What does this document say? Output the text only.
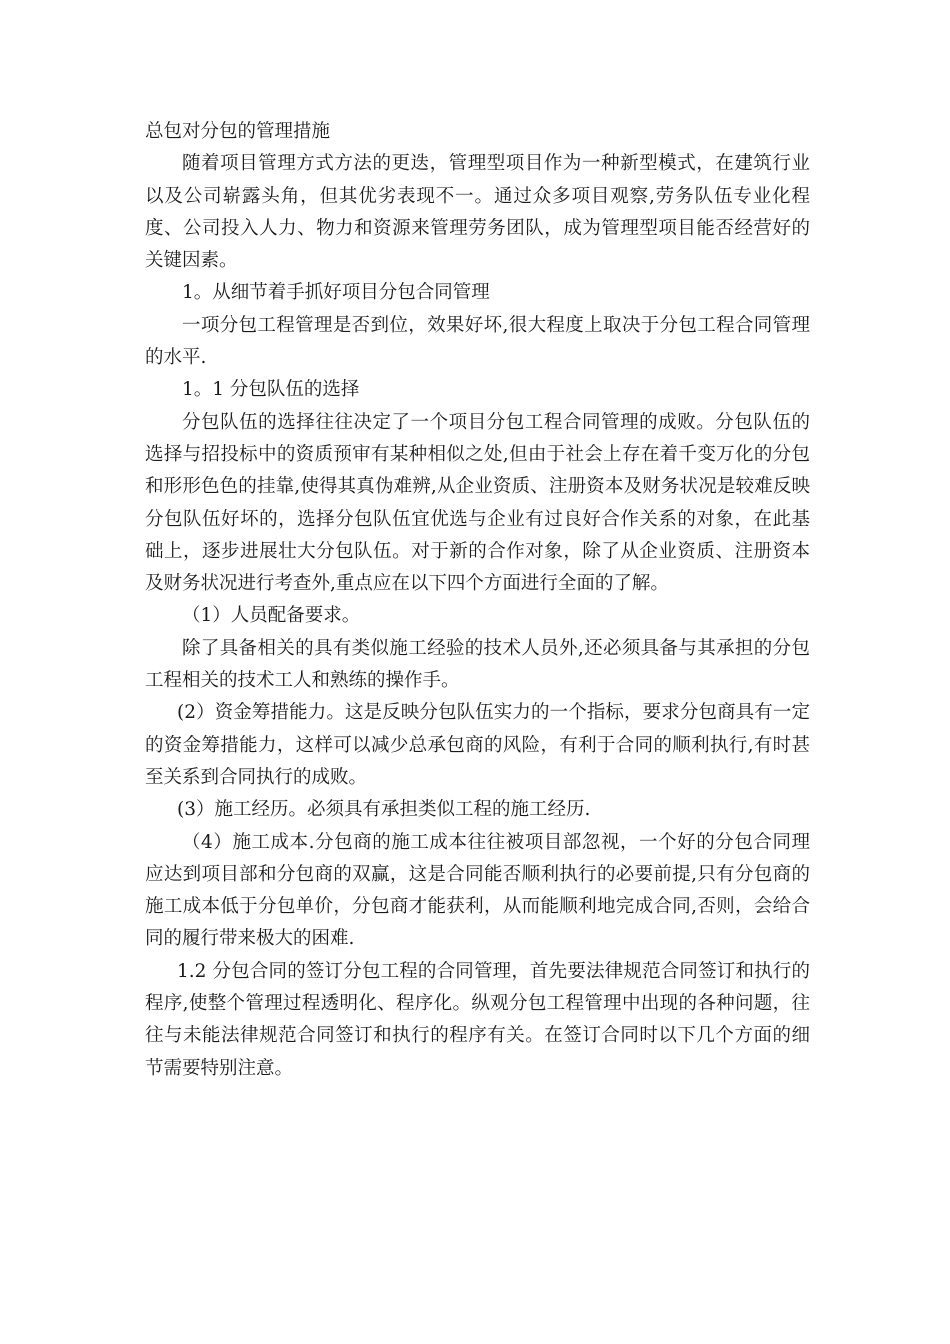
总包对分包的管理措施

随着项目管理方式方法的更迭，管理型项目作为一种新型模式，在建筑行业以及公司崭露头角，但其优劣表现不一。通过众多项目观察,劳务队伍专业化程度、公司投入人力、物力和资源来管理劳务团队，成为管理型项目能否经营好的关键因素。

1。从细节着手抓好项目分包合同管理

一项分包工程管理是否到位，效果好坏,很大程度上取决于分包工程合同管理的水平.

1。1 分包队伍的选择

分包队伍的选择往往决定了一个项目分包工程合同管理的成败。分包队伍的选择与招投标中的资质预审有某种相似之处,但由于社会上存在着千变万化的分包和形形色色的挂靠,使得其真伪难辨,从企业资质、注册资本及财务状况是较难反映分包队伍好坏的，选择分包队伍宜优选与企业有过良好合作关系的对象，在此基础上，逐步进展壮大分包队伍。对于新的合作对象，除了从企业资质、注册资本及财务状况进行考查外,重点应在以下四个方面进行全面的了解。

（1）人员配备要求。

除了具备相关的具有类似施工经验的技术人员外,还必须具备与其承担的分包工程相关的技术工人和熟练的操作手。

(2）资金筹措能力。这是反映分包队伍实力的一个指标，要求分包商具有一定的资金筹措能力，这样可以减少总承包商的风险，有利于合同的顺利执行,有时甚至关系到合同执行的成败。

(3）施工经历。必须具有承担类似工程的施工经历.

（4）施工成本.分包商的施工成本往往被项目部忽视，一个好的分包合同理应达到项目部和分包商的双赢，这是合同能否顺利执行的必要前提,只有分包商的施工成本低于分包单价，分包商才能获利，从而能顺利地完成合同,否则，会给合同的履行带来极大的困难.

1.2 分包合同的签订分包工程的合同管理，首先要法律规范合同签订和执行的程序,使整个管理过程透明化、程序化。纵观分包工程管理中出现的各种问题，往往与未能法律规范合同签订和执行的程序有关。在签订合同时以下几个方面的细节需要特别注意。
